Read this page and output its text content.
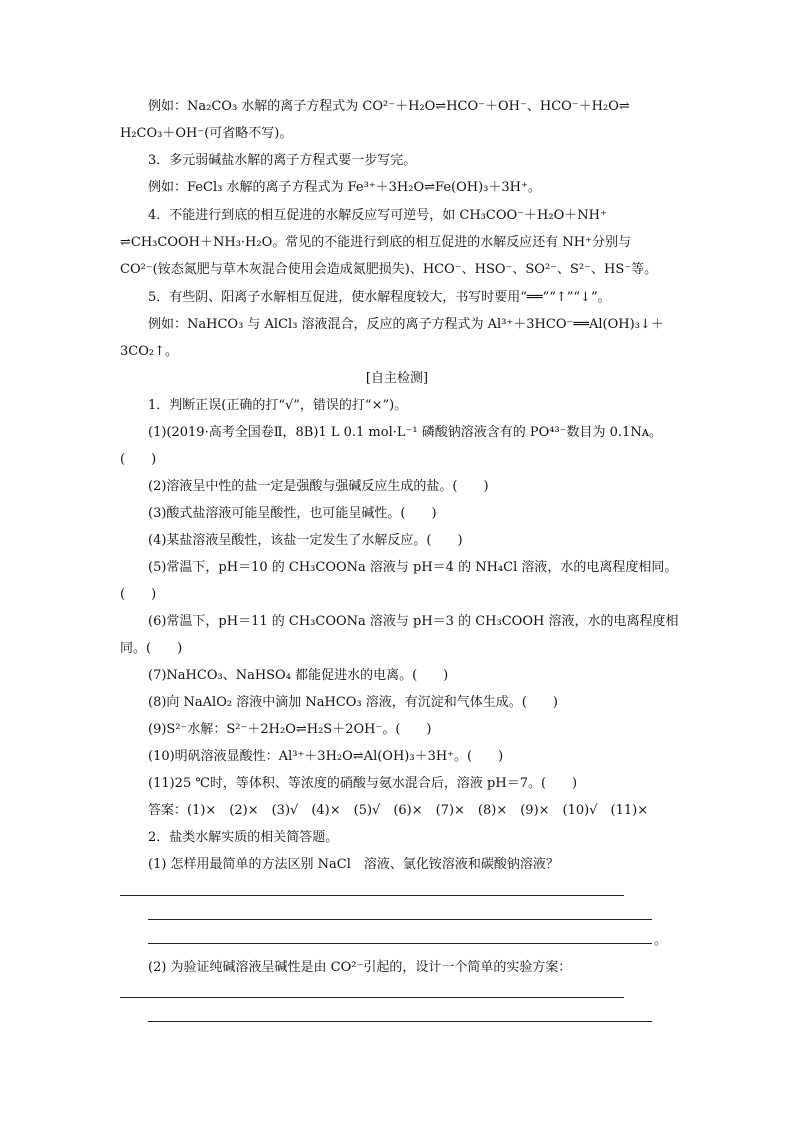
例如：Na₂CO₃ 水解的离子方程式为 CO²⁻＋H₂O⇌HCO⁻＋OH⁻、HCO⁻＋H₂O⇌
H₂CO₃＋OH⁻(可省略不写)。
3．多元弱碱盐水解的离子方程式要一步写完。
例如：FeCl₃ 水解的离子方程式为 Fe³⁺＋3H₂O⇌Fe(OH)₃＋3H⁺。
4．不能进行到底的相互促进的水解反应写可逆号，如 CH₃COO⁻＋H₂O＋NH⁺
⇌CH₃COOH＋NH₃·H₂O。常见的不能进行到底的相互促进的水解反应还有 NH⁺分别与
CO²⁻(铵态氮肥与草木灰混合使用会造成氮肥损失)、HCO⁻、HSO⁻、SO²⁻、S²⁻、HS⁻等。
5．有些阴、阳离子水解相互促进，使水解程度较大，书写时要用“══”“↑”“↓”。
例如：NaHCO₃ 与 AlCl₃ 溶液混合，反应的离子方程式为 Al³⁺＋3HCO⁻══Al(OH)₃↓＋
3CO₂↑。
1．判断正误(正确的打“√”，错误的打“×”)。
(1)(2019·高考全国卷Ⅱ，8B)1 L 0.1 mol·L⁻¹ 磷酸钠溶液含有的 PO⁴³⁻数目为 0.1Nᴀ。
(　　)
(2)溶液呈中性的盐一定是强酸与强碱反应生成的盐。(　　)
(3)酸式盐溶液可能呈酸性，也可能呈碱性。(　　)
(4)某盐溶液呈酸性，该盐一定发生了水解反应。(　　)
(5)常温下，pH＝10 的 CH₃COONa 溶液与 pH＝4 的 NH₄Cl 溶液，水的电离程度相同。
(　　)
(6)常温下，pH＝11 的 CH₃COONa 溶液与 pH＝3 的 CH₃COOH 溶液，水的电离程度相
同。(　　)
(7)NaHCO₃、NaHSO₄ 都能促进水的电离。(　　)
(8)向 NaAlO₂ 溶液中滴加 NaHCO₃ 溶液，有沉淀和气体生成。(　　)
(9)S²⁻水解：S²⁻＋2H₂O⇌H₂S＋2OH⁻。(　　)
(10)明矾溶液显酸性：Al³⁺＋3H₂O⇌Al(OH)₃＋3H⁺。(　　)
(11)25 ℃时，等体积、等浓度的硝酸与氨水混合后，溶液 pH＝7。(　　)
答案：(1)×　(2)×　(3)√　(4)×　(5)√　(6)×　(7)×　(8)×　(9)×　(10)√　(11)×
2．盐类水解实质的相关简答题。
(1) 怎样用最简单的方法区别 NaCl　溶液、氯化铵溶液和碳酸钠溶液？
(2) 为验证纯碱溶液呈碱性是由 CO²⁻引起的，设计一个简单的实验方案：
[自主检测]
。
